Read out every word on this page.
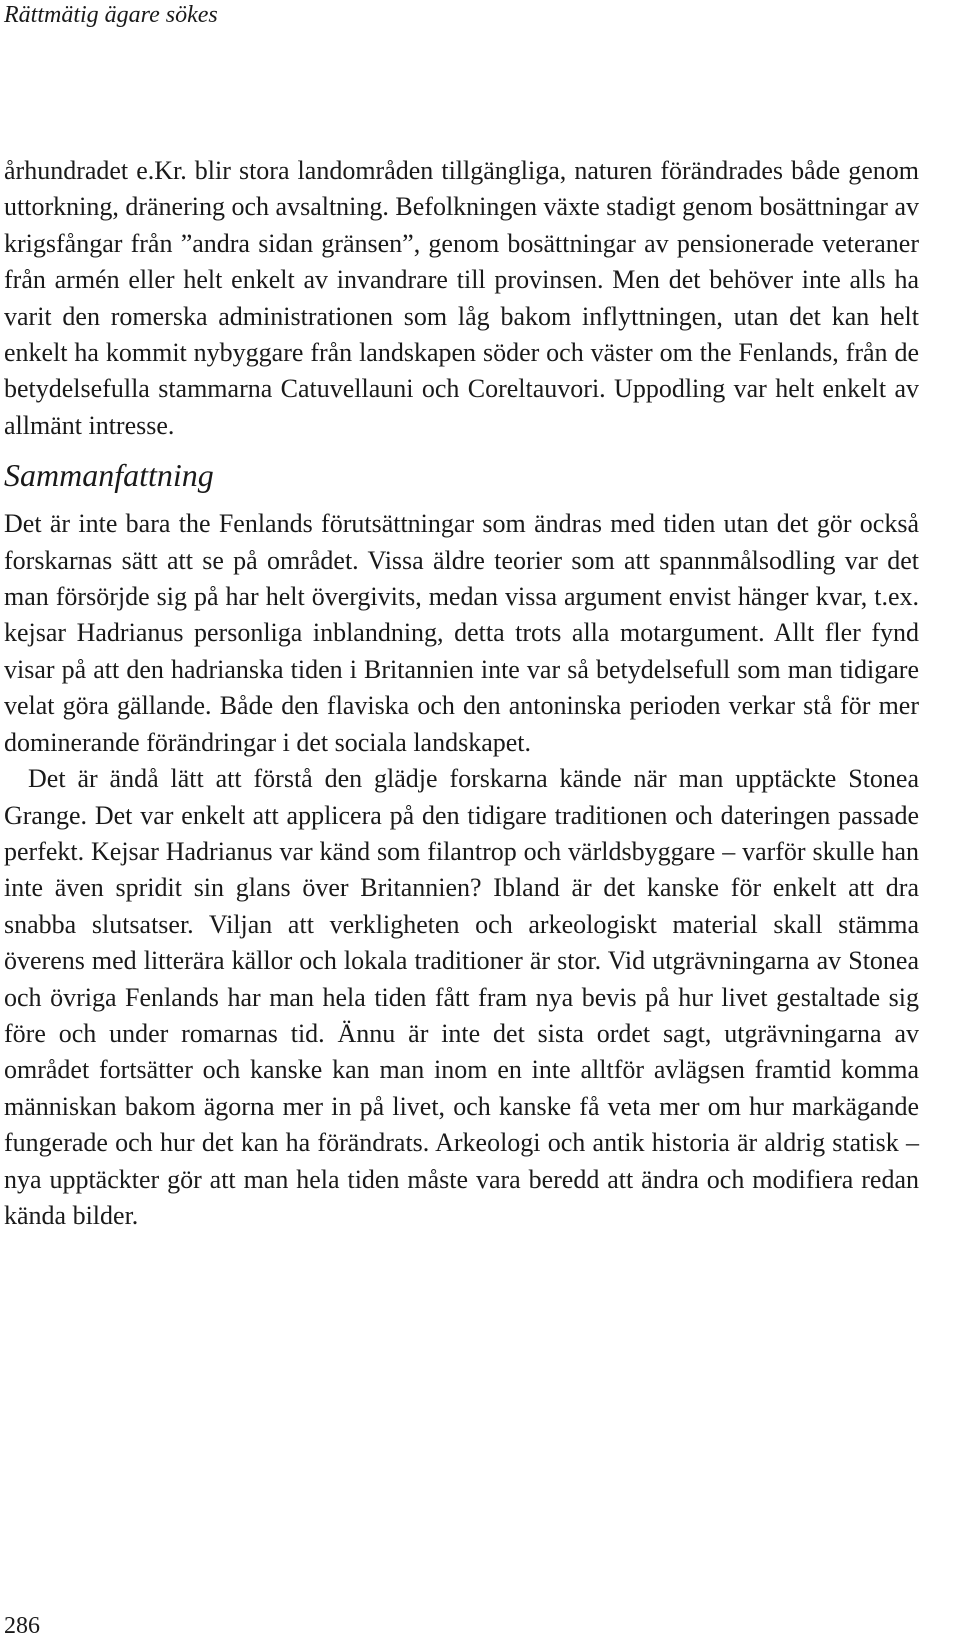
Rättmätig ägare sökes

århundradet e.Kr. blir stora landområden tillgängliga, naturen förändrades både genom uttorkning, dränering och avsaltning. Befolkningen växte stadigt genom bosättningar av krigsfångar från ”andra sidan gränsen”, genom bosättningar av pensionerade veteraner från armén eller helt enkelt av invandrare till provinsen. Men det behöver inte alls ha varit den romerska administrationen som låg bakom inflyttningen, utan det kan helt enkelt ha kommit nybyggare från landskapen söder och väster om the Fenlands, från de betydelsefulla stammarna Catuvellauni och Coreltauvori. Uppodling var helt enkelt av allmänt intresse.

Sammanfattning

Det är inte bara the Fenlands förutsättningar som ändras med tiden utan det gör också forskarnas sätt att se på området. Vissa äldre teorier som att spannmålsodling var det man försörjde sig på har helt övergivits, medan vissa argument envist hänger kvar, t.ex. kejsar Hadrianus personliga inblandning, detta trots alla motargument. Allt fler fynd visar på att den hadrianska tiden i Britannien inte var så betydelsefull som man tidigare velat göra gällande. Både den flaviska och den antoninska perioden verkar stå för mer dominerande förändringar i det sociala landskapet.

Det är ändå lätt att förstå den glädje forskarna kände när man upptäckte Stonea Grange. Det var enkelt att applicera på den tidigare traditionen och dateringen passade perfekt. Kejsar Hadrianus var känd som filantrop och världsbyggare – varför skulle han inte även spridit sin glans över Britannien? Ibland är det kanske för enkelt att dra snabba slutsatser. Viljan att verkligheten och arkeologiskt material skall stämma överens med litterära källor och lokala traditioner är stor. Vid utgrävningarna av Stonea och övriga Fenlands har man hela tiden fått fram nya bevis på hur livet gestaltade sig före och under romarnas tid. Ännu är inte det sista ordet sagt, utgrävningarna av området fortsätter och kanske kan man inom en inte alltför avlägsen framtid komma människan bakom ägorna mer in på livet, och kanske få veta mer om hur markägande fungerade och hur det kan ha förändrats. Arkeologi och antik historia är aldrig statisk – nya upptäckter gör att man hela tiden måste vara beredd att ändra och modifiera redan kända bilder.

286
